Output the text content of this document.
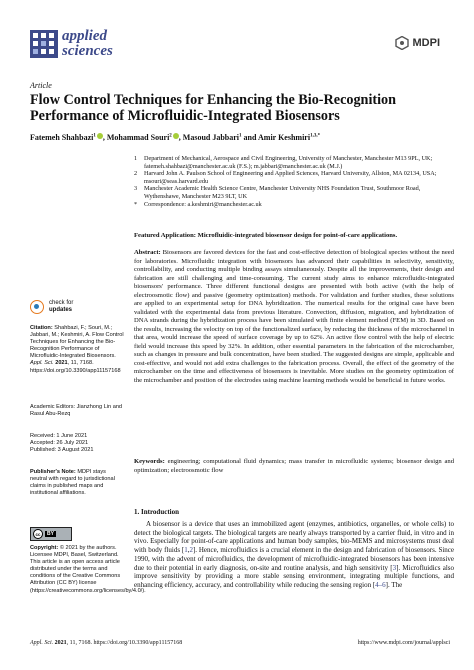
applied
sciences	MDPI
Article
Flow Control Techniques for Enhancing the Bio-Recognition Performance of Microfluidic-Integrated Biosensors
Fatemeh Shahbazi$^1$ , Mohammad Souri$^2$ , Masoud Jabbari$^1$ and Amir Keshmiri$^{1,3,*}$
1	Department of Mechanical, Aerospace and Civil Engineering, University of Manchester, Manchester M13 9PL, UK; fatemeh.shahbazi@manchester.ac.uk (F.S.); m.jabbari@manchester.ac.uk (M.J.)
2	Harvard John A. Paulson School of Engineering and Applied Sciences, Harvard University, Allston, MA 02134, USA; msouri@seas.harvard.edu
3	Manchester Academic Health Science Centre, Manchester University NHS Foundation Trust, Southmoor Road, Wythenshawe, Manchester M23 9LT, UK
*	Correspondence: a.keshmiri@manchester.ac.uk
Featured Application: Microfluidic-integrated biosensor design for point-of-care applications.
Abstract: Biosensors are favored devices for the fast and cost-effective detection of biological species without the need for laboratories. Microfluidic integration with biosensors has advanced their capabilities in selectivity, sensitivity, controllability, and conducting multiple binding assays simultaneously. Despite all the improvements, their design and fabrication are still challenging and time-consuming. The current study aims to enhance microfluidic-integrated biosensors' performance. Three different functional designs are presented with both active (with the help of electroosmotic flow) and passive (geometry optimization) methods. For validation and further studies, these solutions are applied to an experimental setup for DNA hybridization. The numerical results for the original case have been validated with the experimental data from previous literature. Convection, diffusion, migration, and hybridization of DNA strands during the hybridization process have been simulated with finite element method (FEM) in 3D. Based on the results, increasing the velocity on top of the functionalized surface, by reducing the thickness of the microchannel in that area, would increase the speed of surface coverage by up to 62%. An active flow control with the help of electric field would increase this speed by 32%. In addition, other essential parameters in the fabrication of the microchamber, such as changes in pressure and bulk concentration, have been studied. The suggested designs are simple, applicable and cost-effective, and would not add extra challenges to the fabrication process. Overall, the effect of the geometry of the microchamber on the time and effectiveness of biosensors is inevitable. More studies on the geometry optimization of the microchamber and position of the electrodes using machine learning methods would be beneficial in future works.
Keywords: engineering; computational fluid dynamics; mass transfer in microfluidic systems; biosensor design and optimization; electroosmotic flow
1. Introduction
A biosensor is a device that uses an immobilized agent (enzymes, antibiotics, organelles, or whole cells) to detect the biological targets. The biological targets are nearly always transported by a carrier fluid, in vitro and in vivo. Especially for point-of-care applications and human body samples, bio-MEMS and microsystems must deal with body fluids [1,2]. Hence, microfluidics is a crucial element in the design and fabrication of biosensors. Since 1990, with the advent of microfluidics, the development of microfluidic-integrated biosensors has been intensive due to their potential in early diagnosis, on-site and routine analysis, and high sensitivity [3]. Microfluidics also improve sensitivity by providing a more stable sensing environment, integrating multiple functions, and enhancing efficiency, accuracy, and controllability while reducing the sensing region [4–6]. The
check for
updates
Citation: Shahbazi, F.; Souri, M.; Jabbari, M.; Keshmiri, A. Flow Control Techniques for Enhancing the Bio-Recognition Performance of Microfluidic-Integrated Biosensors. Appl. Sci. 2021, 11, 7168. https://doi.org/10.3390/app11157168
Academic Editors: Jianzhong Lin and Rasul Abu-Rezq
Received: 1 June 2021
Accepted: 26 July 2021
Published: 3 August 2021
Publisher's Note: MDPI stays neutral with regard to jurisdictional claims in published maps and institutional affiliations.
cc	BY
Copyright: © 2021 by the authors. Licensee MDPI, Basel, Switzerland. This article is an open access article distributed under the terms and conditions of the Creative Commons Attribution (CC BY) license (https://creativecommons.org/licenses/by/4.0/).
Appl. Sci. 2021, 11, 7168. https://doi.org/10.3390/app11157168	https://www.mdpi.com/journal/applsci
